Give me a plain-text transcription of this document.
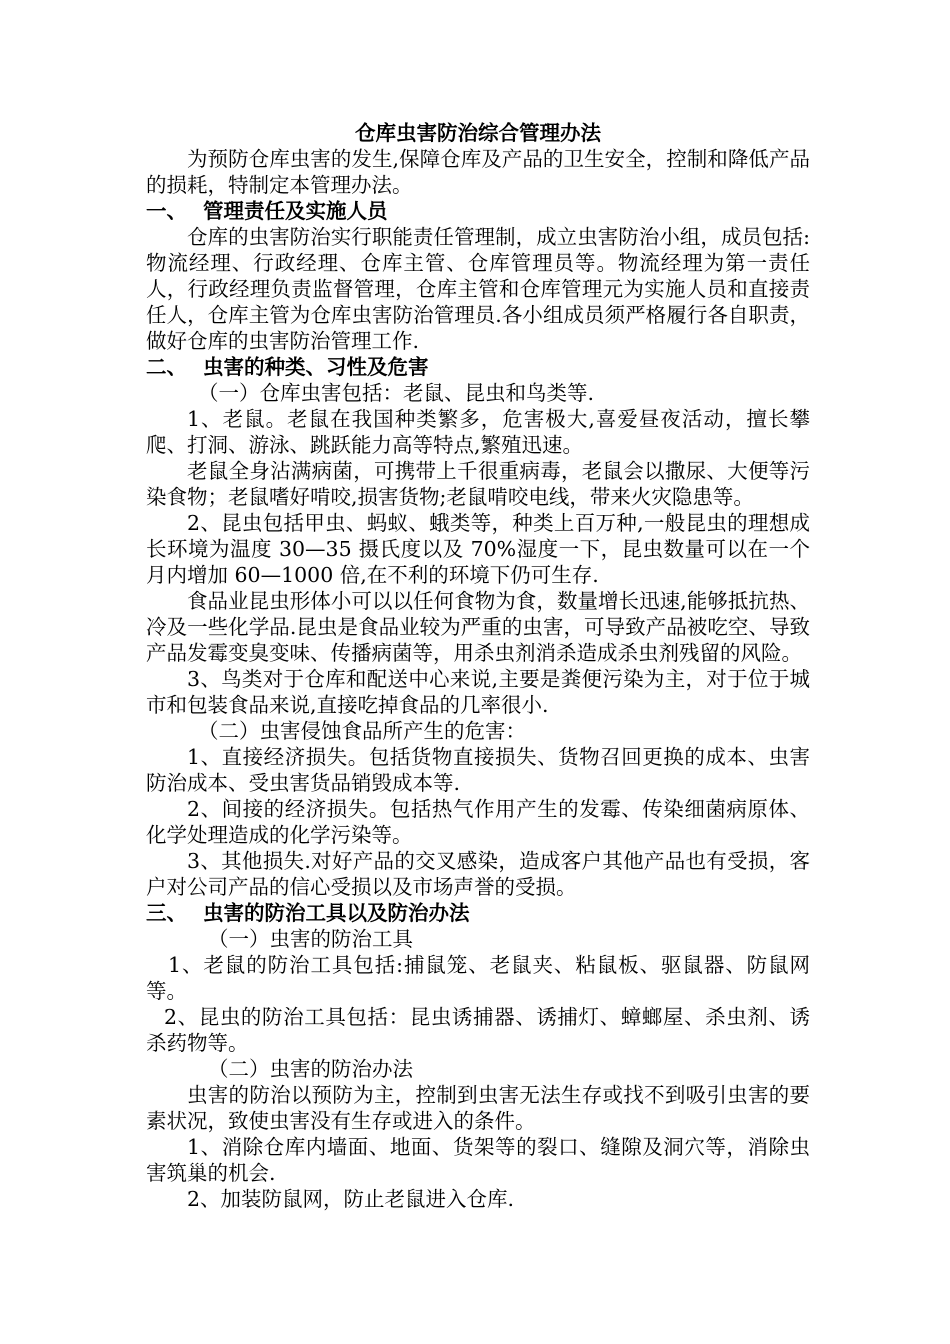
仓库虫害防治综合管理办法

为预防仓库虫害的发生,保障仓库及产品的卫生安全，控制和降低产品的损耗，特制定本管理办法。

一、 管理责任及实施人员

仓库的虫害防治实行职能责任管理制，成立虫害防治小组，成员包括:物流经理、行政经理、仓库主管、仓库管理员等。物流经理为第一责任人，行政经理负责监督管理，仓库主管和仓库管理元为实施人员和直接责任人，仓库主管为仓库虫害防治管理员.各小组成员须严格履行各自职责，做好仓库的虫害防治管理工作.

二、 虫害的种类、习性及危害

（一）仓库虫害包括：老鼠、昆虫和鸟类等.

1、老鼠。老鼠在我国种类繁多，危害极大,喜爱昼夜活动，擅长攀爬、打洞、游泳、跳跃能力高等特点,繁殖迅速。

老鼠全身沾满病菌，可携带上千很重病毒，老鼠会以撒尿、大便等污染食物；老鼠嗜好啃咬,损害货物;老鼠啃咬电线，带来火灾隐患等。

2、昆虫包括甲虫、蚂蚁、蛾类等，种类上百万种,一般昆虫的理想成长环境为温度 30—35 摄氏度以及 70%湿度一下，昆虫数量可以在一个月内增加 60—1000 倍,在不利的环境下仍可生存.

食品业昆虫形体小可以以任何食物为食，数量增长迅速,能够抵抗热、冷及一些化学品.昆虫是食品业较为严重的虫害，可导致产品被吃空、导致产品发霉变臭变味、传播病菌等，用杀虫剂消杀造成杀虫剂残留的风险。

3、鸟类对于仓库和配送中心来说,主要是粪便污染为主，对于位于城市和包装食品来说,直接吃掉食品的几率很小.

（二）虫害侵蚀食品所产生的危害：

1、直接经济损失。包括货物直接损失、货物召回更换的成本、虫害防治成本、受虫害货品销毁成本等.

2、间接的经济损失。包括热气作用产生的发霉、传染细菌病原体、化学处理造成的化学污染等。

3、其他损失.对好产品的交叉感染，造成客户其他产品也有受损，客户对公司产品的信心受损以及市场声誉的受损。

三、 虫害的防治工具以及防治办法

（一）虫害的防治工具

1、老鼠的防治工具包括:捕鼠笼、老鼠夹、粘鼠板、驱鼠器、防鼠网等。

2、昆虫的防治工具包括：昆虫诱捕器、诱捕灯、蟑螂屋、杀虫剂、诱杀药物等。

（二）虫害的防治办法

虫害的防治以预防为主，控制到虫害无法生存或找不到吸引虫害的要素状况，致使虫害没有生存或进入的条件。

1、消除仓库内墙面、地面、货架等的裂口、缝隙及洞穴等，消除虫害筑巢的机会.

2、加装防鼠网，防止老鼠进入仓库.
